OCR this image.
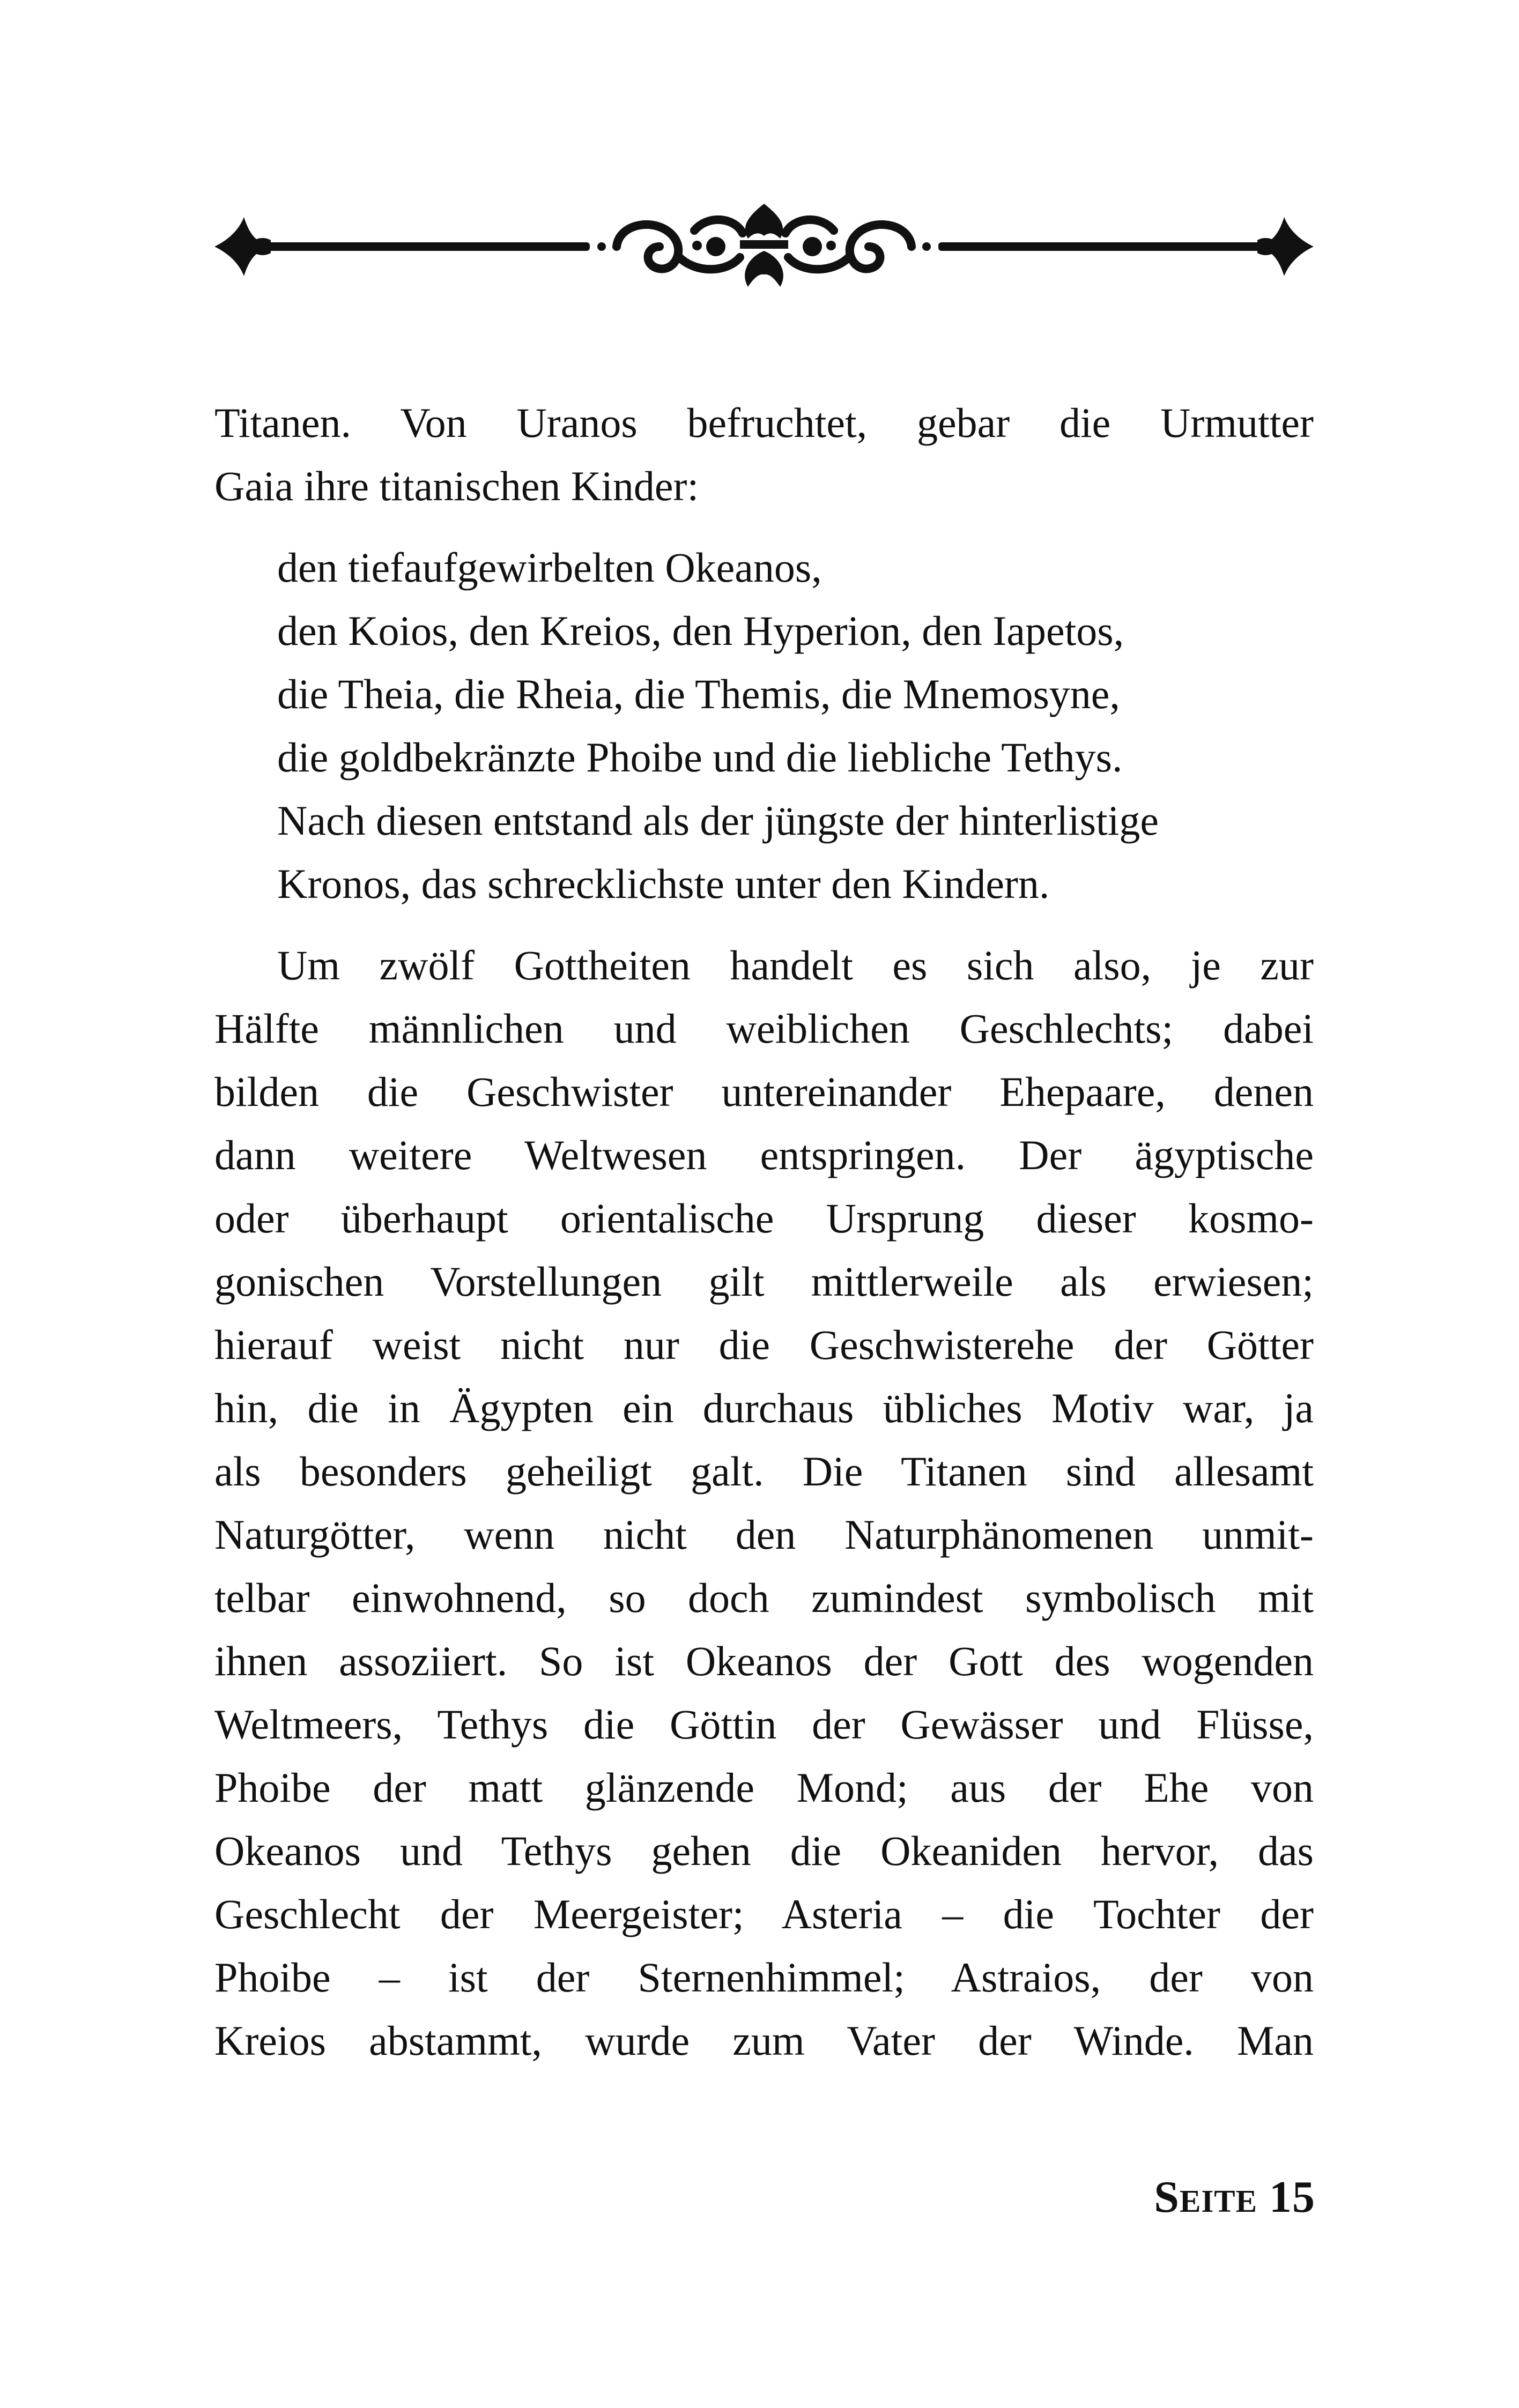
Titanen. Von Uranos befruchtet, gebar die Urmutter
Gaia ihre titanischen Kinder:

den tiefaufgewirbelten Okeanos,
den Koios, den Kreios, den Hyperion, den Iapetos,
die Theia, die Rheia, die Themis, die Mnemosyne,
die goldbekränzte Phoibe und die liebliche Tethys.
Nach diesen entstand als der jüngste der hinterlistige
Kronos, das schrecklichste unter den Kindern.
Um zwölf Gottheiten handelt es sich also, je zur
Hälfte männlichen und weiblichen Geschlechts; dabei
bilden die Geschwister untereinander Ehepaare, denen
dann weitere Weltwesen entspringen. Der ägyptische
oder überhaupt orientalische Ursprung dieser kosmo-
gonischen Vorstellungen gilt mittlerweile als erwiesen;
hierauf weist nicht nur die Geschwisterehe der Götter
hin, die in Ägypten ein durchaus übliches Motiv war, ja
als besonders geheiligt galt. Die Titanen sind allesamt
Naturgötter, wenn nicht den Naturphänomenen unmit-
telbar einwohnend, so doch zumindest symbolisch mit
ihnen assoziiert. So ist Okeanos der Gott des wogenden
Weltmeers, Tethys die Göttin der Gewässer und Flüsse,
Phoibe der matt glänzende Mond; aus der Ehe von
Okeanos und Tethys gehen die Okeaniden hervor, das
Geschlecht der Meergeister; Asteria – die Tochter der
Phoibe – ist der Sternenhimmel; Astraios, der von
Kreios abstammt, wurde zum Vater der Winde. Man
Seite 15
